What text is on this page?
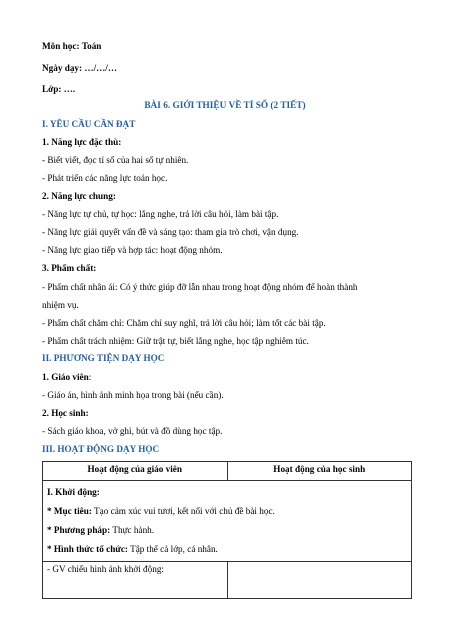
Môn học: Toán
Ngày dạy: …/…/…
Lớp: ….
BÀI 6. GIỚI THIỆU VỀ TỈ SỐ (2 TIẾT)
I. YÊU CẦU CẦN ĐẠT
1. Năng lực đặc thù:
- Biết viết, đọc tỉ số của hai số tự nhiên.
- Phát triển các năng lực toán học.
2. Năng lực chung:
- Năng lực tự chủ, tự học: lắng nghe, trả lời câu hỏi, làm bài tập.
- Năng lực giải quyết vấn đề và sáng tạo: tham gia trò chơi, vận dụng.
- Năng lực giao tiếp và hợp tác: hoạt động nhóm.
3. Phẩm chất:
- Phẩm chất nhân ái: Có ý thức giúp đỡ lẫn nhau trong hoạt động nhóm để hoàn thành
nhiệm vụ.
- Phẩm chất chăm chỉ: Chăm chỉ suy nghĩ, trả lời câu hỏi; làm tốt các bài tập.
- Phẩm chất trách nhiệm: Giữ trật tự, biết lắng nghe, học tập nghiêm túc.
II. PHƯƠNG TIỆN DẠY HỌC
1. Giáo viên:
- Giáo án, hình ảnh minh họa trong bài (nếu cần).
2. Học sinh:
- Sách giáo khoa, vở ghi, bút và đồ dùng học tập.
III. HOẠT ĐỘNG DẠY HỌC
Hoạt động của giáo viên	Hoạt động của học sinh

I. Khởi động:
* Mục tiêu: Tạo cảm xúc vui tươi, kết nối với chủ đề bài học.
* Phương pháp: Thực hành.
* Hình thức tổ chức: Tập thể cả lớp, cá nhân.	

- GV chiếu hình ảnh khởi động:	
